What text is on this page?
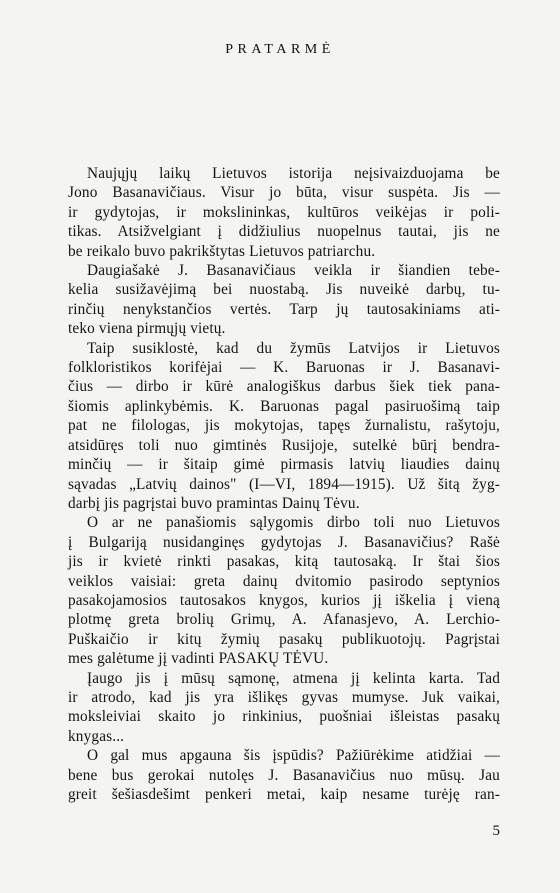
PRATARMĖ

Naujųjų laikų Lietuvos istorija neįsivaizduojama be
Jono Basanavičiaus. Visur jo būta, visur suspėta. Jis —
ir gydytojas, ir mokslininkas, kultūros veikėjas ir poli-
tikas. Atsižvelgiant į didžiulius nuopelnus tautai, jis ne
be reikalo buvo pakrikštytas Lietuvos patriarchu.

Daugiašakė J. Basanavičiaus veikla ir šiandien tebe-
kelia susižavėjimą bei nuostabą. Jis nuveikė darbų, tu-
rinčių nenykstančios vertės. Tarp jų tautosakiniams ati-
teko viena pirmųjų vietų.

Taip susiklostė, kad du žymūs Latvijos ir Lietuvos
folkloristikos korifėjai — K. Baruonas ir J. Basanavi-
čius — dirbo ir kūrė analogiškus darbus šiek tiek pana-
šiomis aplinkybėmis. K. Baruonas pagal pasiruošimą taip
pat ne filologas, jis mokytojas, tapęs žurnalistu, rašytoju,
atsidūręs toli nuo gimtinės Rusijoje, sutelkė būrį bendra-
minčių — ir šitaip gimė pirmasis latvių liaudies dainų
sąvadas „Latvių dainos" (I—VI, 1894—1915). Už šitą žyg-
darbį jis pagrįstai buvo pramintas Dainų Tėvu.

O ar ne panašiomis sąlygomis dirbo toli nuo Lietuvos
į Bulgariją nusidanginęs gydytojas J. Basanavičius? Rašė
jis ir kvietė rinkti pasakas, kitą tautosaką. Ir štai šios
veiklos vaisiai: greta dainų dvitomio pasirodo septynios
pasakojamosios tautosakos knygos, kurios jį iškelia į vieną
plotmę greta brolių Grimų, A. Afanasjevo, A. Lerchio-
Puškaičio ir kitų žymių pasakų publikuotojų. Pagrįstai
mes galėtume jį vadinti PASAKŲ TĖVU.

Įaugo jis į mūsų sąmonę, atmena jį kelinta karta. Tad
ir atrodo, kad jis yra išlikęs gyvas mumyse. Juk vaikai,
moksleiviai skaito jo rinkinius, puošniai išleistas pasakų
knygas...

O gal mus apgauna šis įspūdis? Pažiūrėkime atidžiai —
bene bus gerokai nutolęs J. Basanavičius nuo mūsų. Jau
greit šešiasdešimt penkeri metai, kaip nesame turėję ran-

5
